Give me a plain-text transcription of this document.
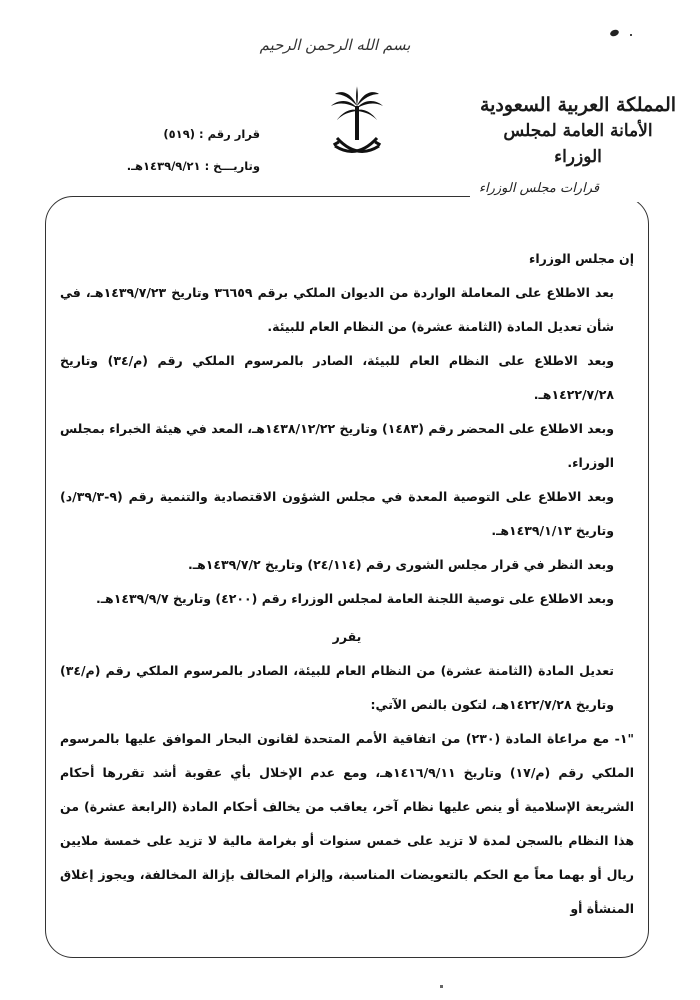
بسم الله الرحمن الرحيم
المملكة العربية السعودية
الأمانة العامة لمجلس الوزراء
قرار رقم : (٥١٩)
وتاريـــخ : ١٤٣٩/٩/٢١هـ.
قرارات مجلس الوزراء

إن مجلس الوزراء

بعد الاطلاع على المعاملة الواردة من الديوان الملكي برقم ٣٦٦٥٩ وتاريخ ١٤٣٩/٧/٢٣هـ، في شأن تعديل المادة (الثامنة عشرة) من النظام العام للبيئة.

وبعد الاطلاع على النظام العام للبيئة، الصادر بالمرسوم الملكي رقم (م/٣٤) وتاريخ ١٤٢٢/٧/٢٨هـ.

وبعد الاطلاع على المحضر رقم (١٤٨٣) وتاريخ ١٤٣٨/١٢/٢٢هـ، المعد في هيئة الخبراء بمجلس الوزراء.

وبعد الاطلاع على التوصية المعدة في مجلس الشؤون الاقتصادية والتنمية رقم (٩-٣٩/٣/د) وتاريخ ١٤٣٩/١/١٣هـ.

وبعد النظر في قرار مجلس الشورى رقم (٢٤/١١٤) وتاريخ ١٤٣٩/٧/٢هـ.

وبعد الاطلاع على توصية اللجنة العامة لمجلس الوزراء رقم (٤٢٠٠) وتاريخ ١٤٣٩/٩/٧هـ.

يقرر

تعديل المادة (الثامنة عشرة) من النظام العام للبيئة، الصادر بالمرسوم الملكي رقم (م/٣٤) وتاريخ ١٤٢٢/٧/٢٨هـ، لتكون بالنص الآتي:

"١- مع مراعاة المادة (٢٣٠) من اتفاقية الأمم المتحدة لقانون البحار الموافق عليها بالمرسوم الملكي رقم (م/١٧) وتاريخ ١٤١٦/٩/١١هـ، ومع عدم الإخلال بأي عقوبة أشد تقررها أحكام الشريعة الإسلامية أو ينص عليها نظام آخر، يعاقب من يخالف أحكام المادة (الرابعة عشرة) من هذا النظام بالسجن لمدة لا تزيد على خمس سنوات أو بغرامة مالية لا تزيد على خمسة ملايين ريال أو بهما معاً مع الحكم بالتعويضات المناسبة، وإلزام المخالف بإزالة المخالفة، ويجوز إغلاق المنشأة أو
